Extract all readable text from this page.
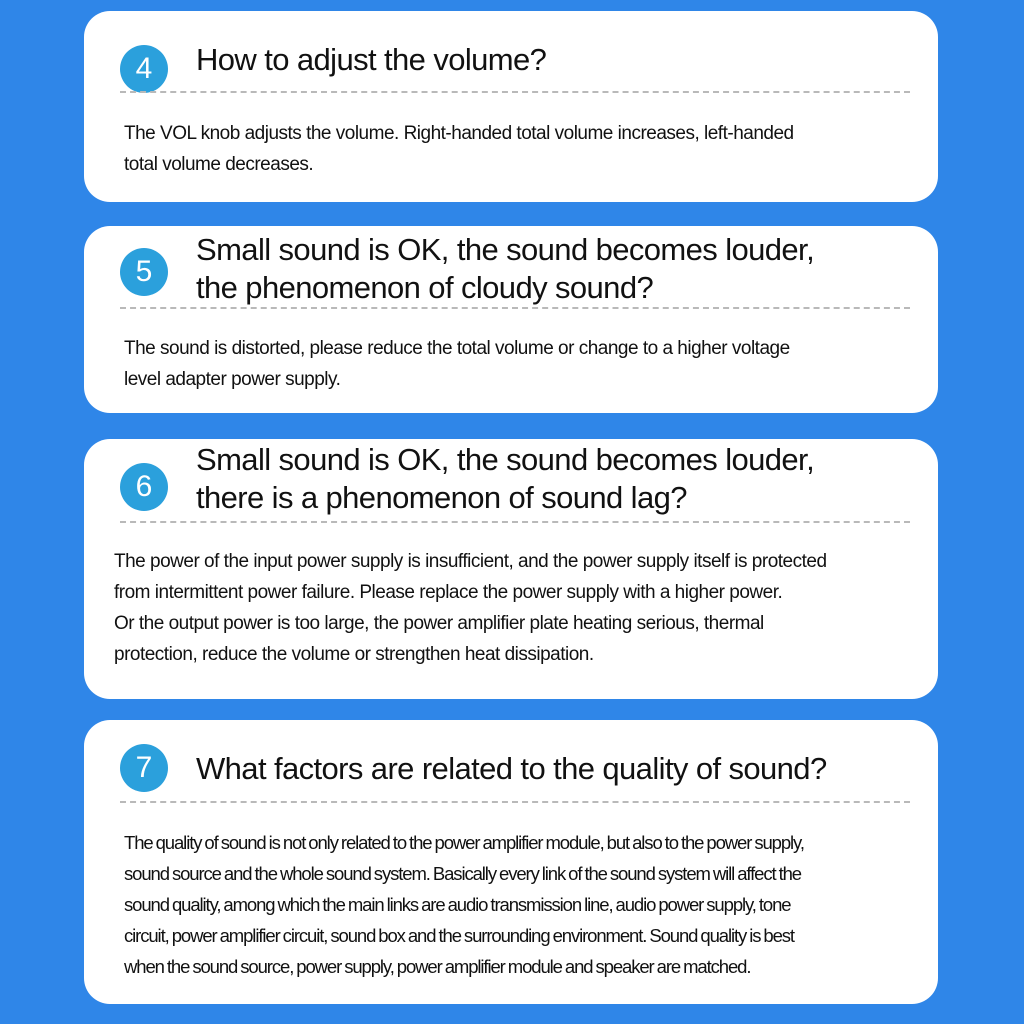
4	How to adjust the volume?
The VOL knob adjusts the volume. Right-handed total volume increases, left-handed
total volume decreases.
5
Small sound is OK, the sound becomes louder,
the phenomenon of cloudy sound?
The sound is distorted, please reduce the total volume or change to a higher voltage
level adapter power supply.
6
Small sound is OK, the sound becomes louder,
there is a phenomenon of sound lag?
The power of the input power supply is insufficient, and the power supply itself is protected
from intermittent power failure. Please replace the power supply with a higher power.
Or the output power is too large, the power amplifier plate heating serious, thermal
protection, reduce the volume or strengthen heat dissipation.
7	What factors are related to the quality of sound?
The quality of sound is not only related to the power amplifier module, but also to the power supply,
sound source and the whole sound system. Basically every link of the sound system will affect the
sound quality, among which the main links are audio transmission line, audio power supply, tone
circuit, power amplifier circuit, sound box and the surrounding environment. Sound quality is best
when the sound source, power supply, power amplifier module and speaker are matched.
